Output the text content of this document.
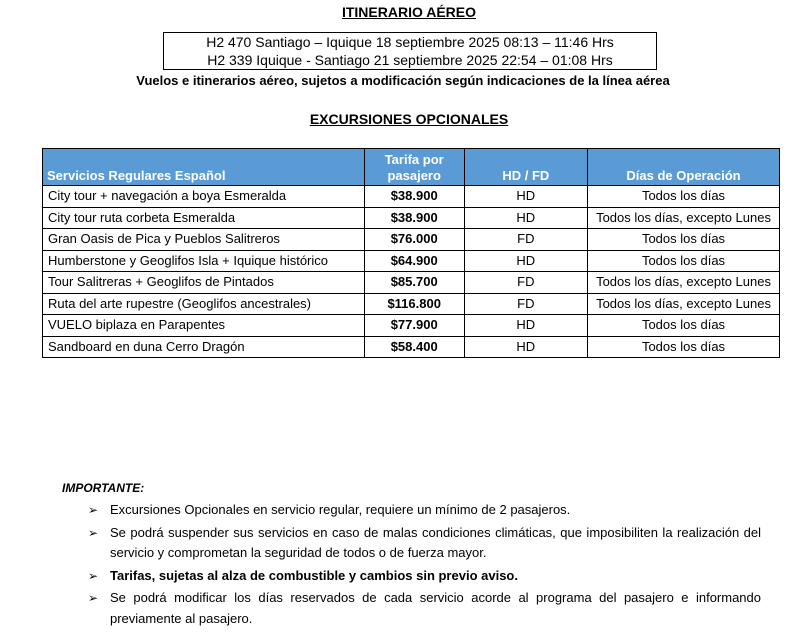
ITINERARIO AÉREO
H2 470 Santiago – Iquique 18 septiembre 2025 08:13 – 11:46 Hrs
H2 339 Iquique - Santiago 21 septiembre 2025 22:54 – 01:08 Hrs
Vuelos e itinerarios aéreo, sujetos a modificación según indicaciones de la línea aérea
EXCURSIONES OPCIONALES
Servicios Regulares Español	Tarifa por pasajero	HD / FD	Días de Operación
City tour + navegación a boya Esmeralda	$38.900	HD	Todos los días
City tour ruta corbeta Esmeralda	$38.900	HD	Todos los días, excepto Lunes
Gran Oasis de Pica y Pueblos Salitreros	$76.000	FD	Todos los días
Humberstone y Geoglifos Isla + Iquique histórico	$64.900	HD	Todos los días
Tour Salitreras + Geoglifos de Pintados	$85.700	FD	Todos los días, excepto Lunes
Ruta del arte rupestre (Geoglifos ancestrales)	$116.800	FD	Todos los días, excepto Lunes
VUELO biplaza en Parapentes	$77.900	HD	Todos los días
Sandboard en duna Cerro Dragón	$58.400	HD	Todos los días
IMPORTANTE:
➢ Excursiones Opcionales en servicio regular, requiere un mínimo de 2 pasajeros.
➢ Se podrá suspender sus servicios en caso de malas condiciones climáticas, que imposibiliten la realización del servicio y comprometan la seguridad de todos o de fuerza mayor.
➢ Tarifas, sujetas al alza de combustible y cambios sin previo aviso.
➢ Se podrá modificar los días reservados de cada servicio acorde al programa del pasajero e informando previamente al pasajero.
